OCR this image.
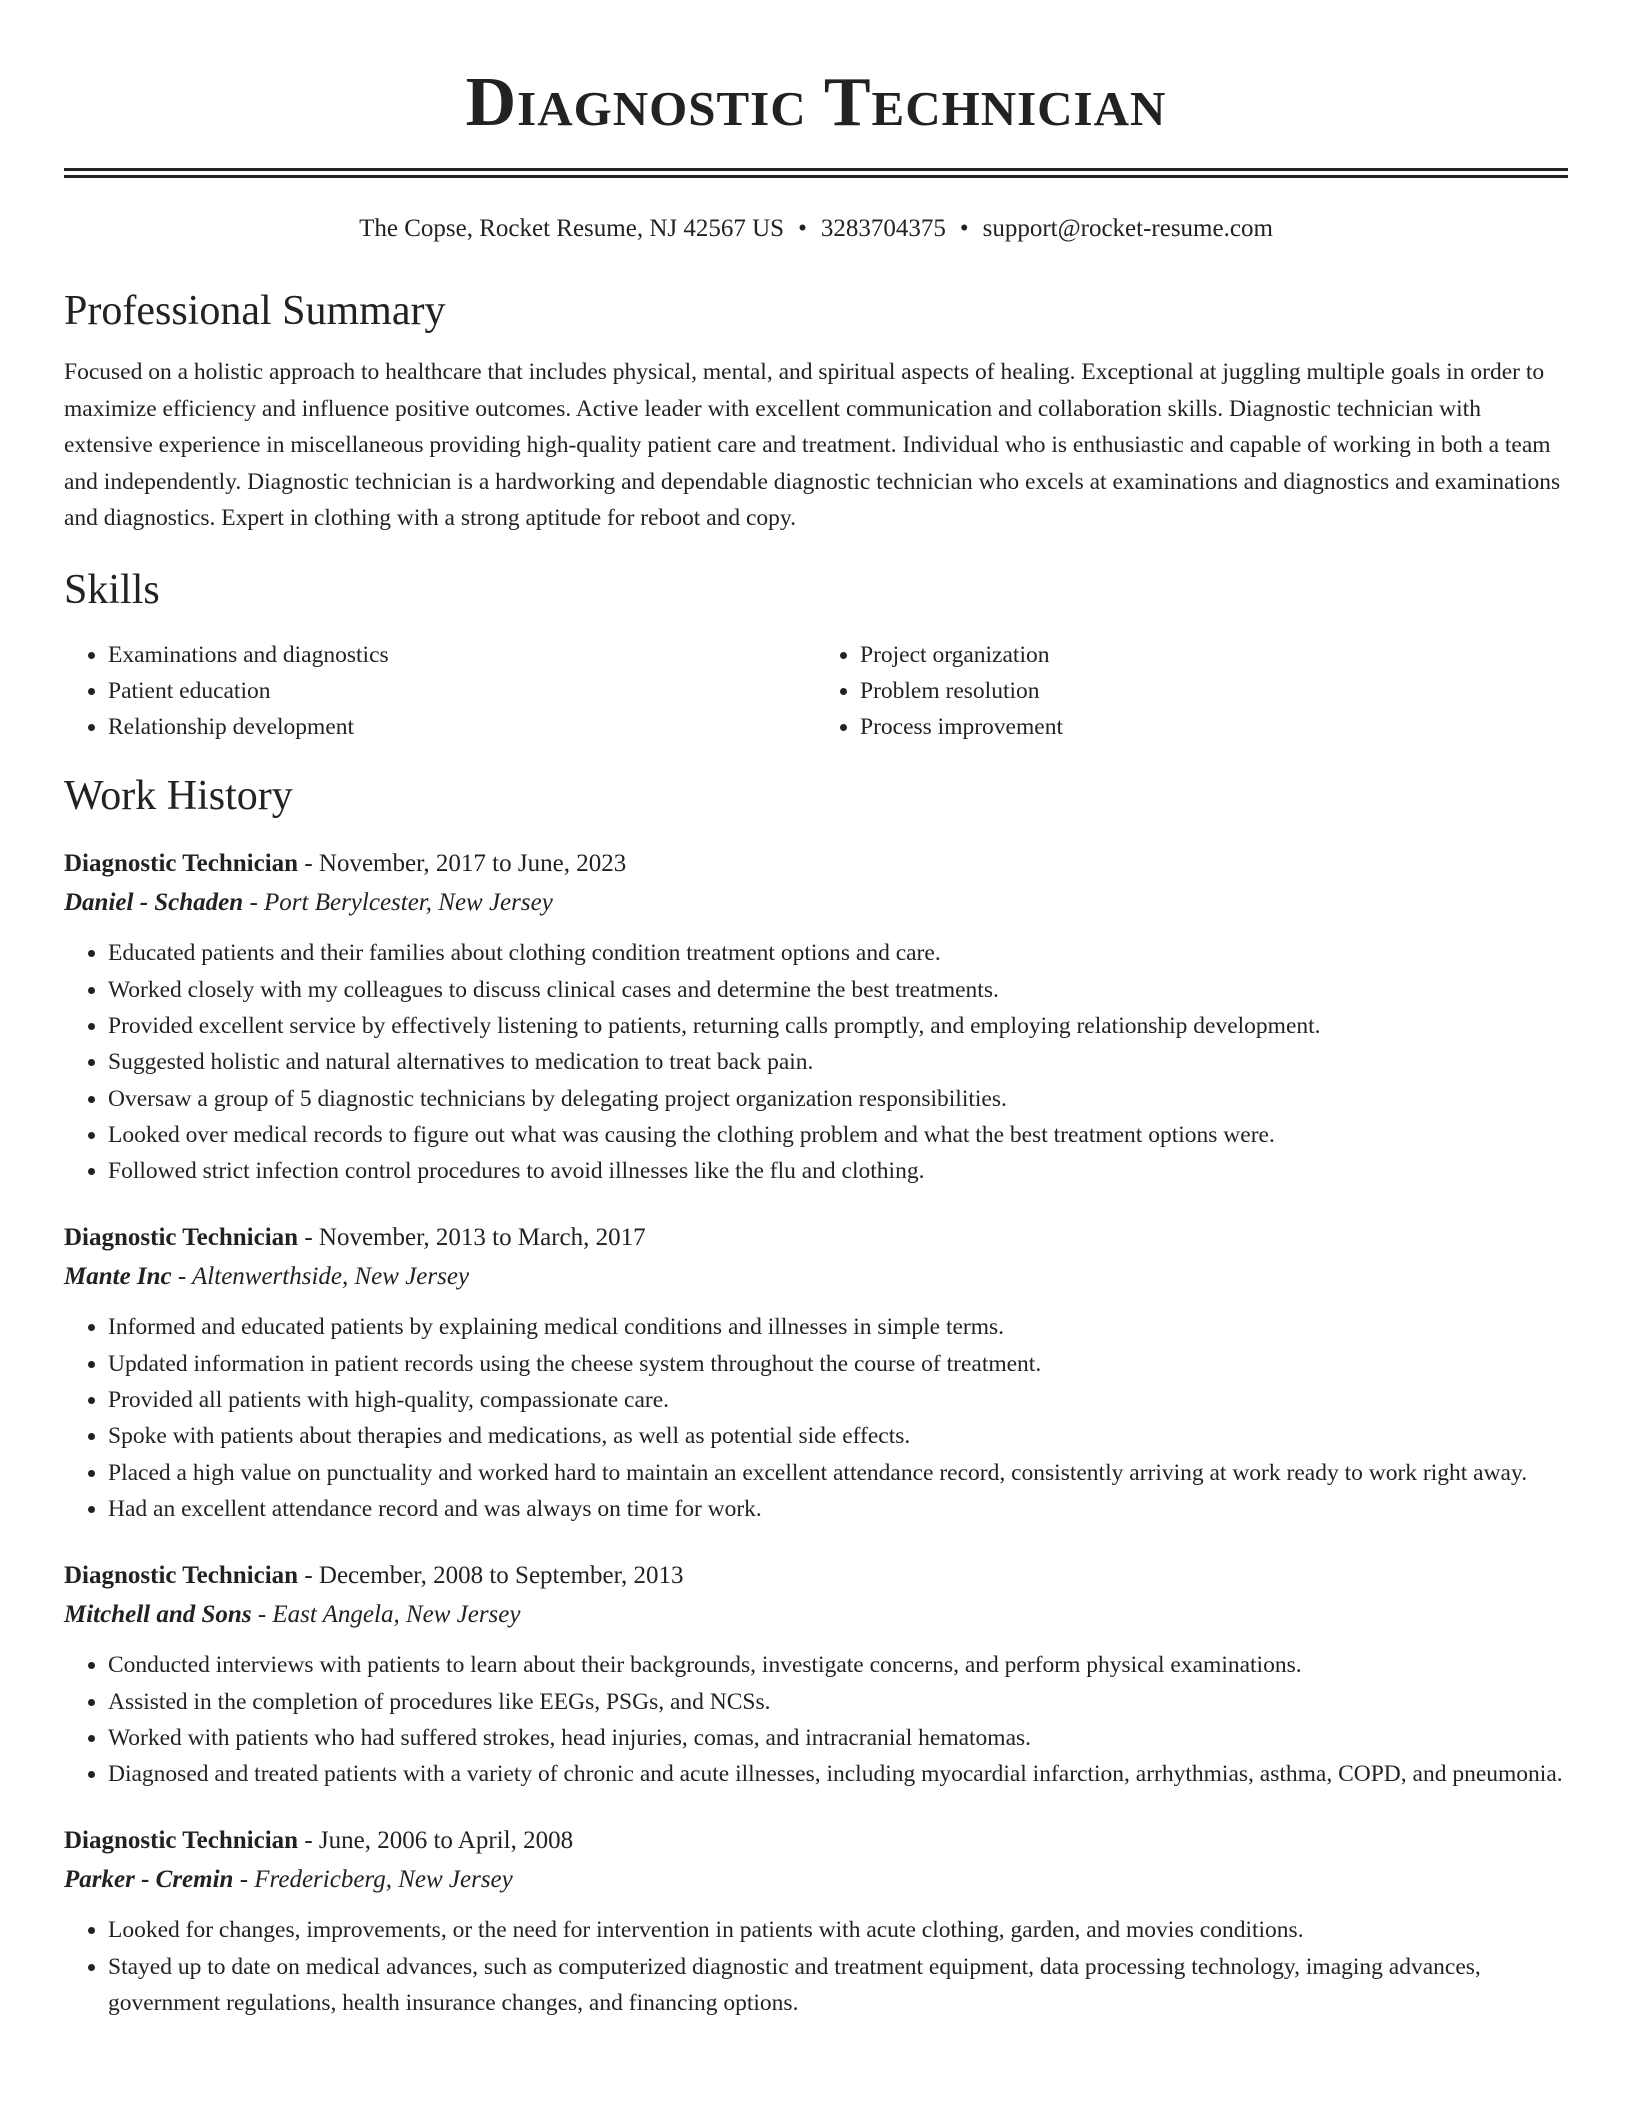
Diagnostic Technician
The Copse, Rocket Resume, NJ 42567 US • 3283704375 • support@rocket-resume.com
Professional Summary

Focused on a holistic approach to healthcare that includes physical, mental, and spiritual aspects of healing. Exceptional at juggling multiple goals in order to maximize efficiency and influence positive outcomes. Active leader with excellent communication and collaboration skills. Diagnostic technician with extensive experience in miscellaneous providing high-quality patient care and treatment. Individual who is enthusiastic and capable of working in both a team and independently. Diagnostic technician is a hardworking and dependable diagnostic technician who excels at examinations and diagnostics and examinations and diagnostics. Expert in clothing with a strong aptitude for reboot and copy.

Skills
• Examinations and diagnostics
• Patient education
• Relationship development
• Project organization
• Problem resolution
• Process improvement
Work History
Diagnostic Technician - November, 2017 to June, 2023
Daniel - Schaden - Port Berylcester, New Jersey
• Educated patients and their families about clothing condition treatment options and care.
• Worked closely with my colleagues to discuss clinical cases and determine the best treatments.
• Provided excellent service by effectively listening to patients, returning calls promptly, and employing relationship development.
• Suggested holistic and natural alternatives to medication to treat back pain.
• Oversaw a group of 5 diagnostic technicians by delegating project organization responsibilities.
• Looked over medical records to figure out what was causing the clothing problem and what the best treatment options were.
• Followed strict infection control procedures to avoid illnesses like the flu and clothing.
Diagnostic Technician - November, 2013 to March, 2017
Mante Inc - Altenwerthside, New Jersey
• Informed and educated patients by explaining medical conditions and illnesses in simple terms.
• Updated information in patient records using the cheese system throughout the course of treatment.
• Provided all patients with high-quality, compassionate care.
• Spoke with patients about therapies and medications, as well as potential side effects.
• Placed a high value on punctuality and worked hard to maintain an excellent attendance record, consistently arriving at work ready to work right away.
• Had an excellent attendance record and was always on time for work.
Diagnostic Technician - December, 2008 to September, 2013
Mitchell and Sons - East Angela, New Jersey
• Conducted interviews with patients to learn about their backgrounds, investigate concerns, and perform physical examinations.
• Assisted in the completion of procedures like EEGs, PSGs, and NCSs.
• Worked with patients who had suffered strokes, head injuries, comas, and intracranial hematomas.
• Diagnosed and treated patients with a variety of chronic and acute illnesses, including myocardial infarction, arrhythmias, asthma, COPD, and pneumonia.
Diagnostic Technician - June, 2006 to April, 2008
Parker - Cremin - Fredericberg, New Jersey
• Looked for changes, improvements, or the need for intervention in patients with acute clothing, garden, and movies conditions.
• Stayed up to date on medical advances, such as computerized diagnostic and treatment equipment, data processing technology, imaging advances, government regulations, health insurance changes, and financing options.
